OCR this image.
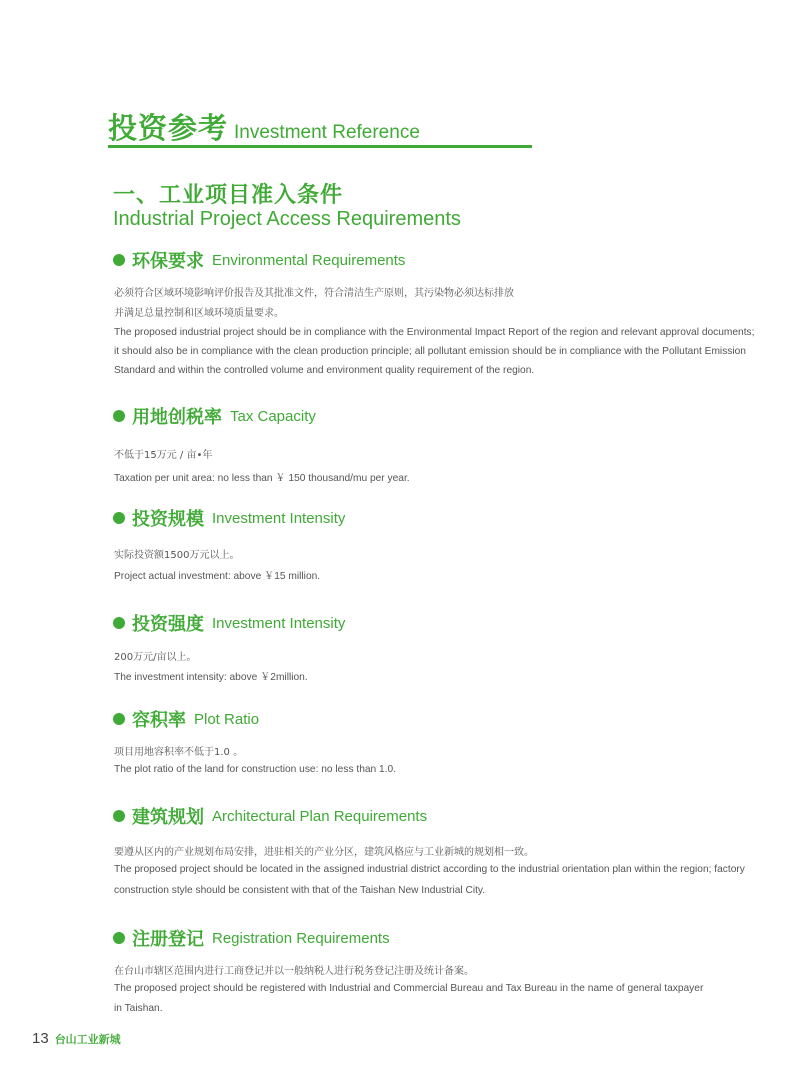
投资参考 Investment Reference
一、工业项目准入条件
Industrial Project Access Requirements
环保要求 Environmental Requirements
必须符合区域环境影响评价报告及其批准文件，符合清洁生产原则，其污染物必须达标排放
并满足总量控制和区域环境质量要求。
The proposed industrial project should be in compliance with the Environmental Impact Report of the region and relevant approval documents;
it should also be in compliance with the clean production principle; all pollutant emission should be in compliance with the Pollutant Emission
Standard and within the controlled volume and environment quality requirement of the region.
用地创税率 Tax Capacity
不低于15万元 / 亩•年
Taxation per unit area: no less than ￥ 150 thousand/mu per year.
投资规模 Investment Intensity
实际投资额1500万元以上。
Project actual investment: above ￥15 million.
投资强度 Investment Intensity
200万元/亩以上。
The investment intensity: above ￥2million.
容积率 Plot Ratio
项目用地容积率不低于1.0 。
The plot ratio of the land for construction use: no less than 1.0.
建筑规划 Architectural Plan Requirements
要遵从区内的产业规划布局安排，进驻相关的产业分区，建筑风格应与工业新城的规划相一致。
The proposed project should be located in the assigned industrial district according to the industrial orientation plan within the region; factory
construction style should be consistent with that of the Taishan New Industrial City.
注册登记 Registration Requirements
在台山市辖区范围内进行工商登记并以一般纳税人进行税务登记注册及统计备案。
The proposed project should be registered with Industrial and Commercial Bureau and Tax Bureau in the name of general taxpayer
in Taishan.
13 台山工业新城
